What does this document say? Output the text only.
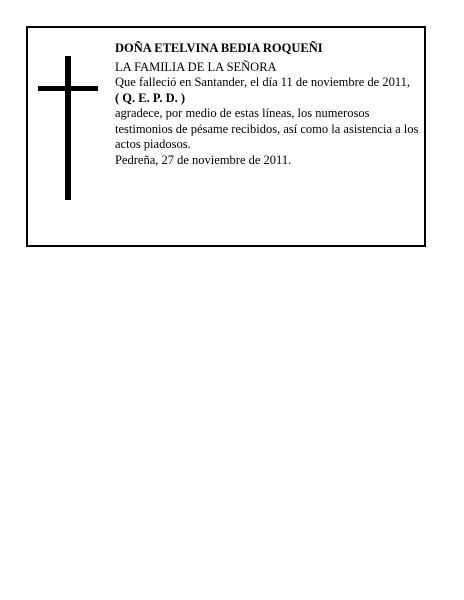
DOÑA ETELVINA BEDIA ROQUEÑI

LA FAMILIA DE LA SEÑORA

Que falleció en Santander, el día 11 de noviembre de 2011,

( Q. E. P. D. )

agradece, por medio de estas líneas, los numerosos testimonios de pésame recibidos, así como la asistencia a los actos piadosos.

Pedreña, 27 de noviembre de 2011.
